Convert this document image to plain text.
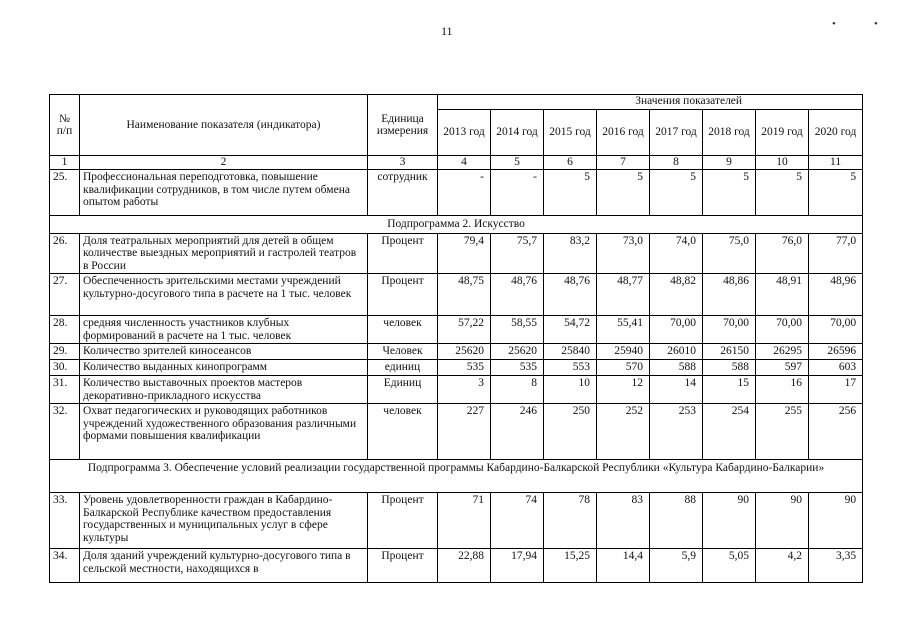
11	•	•
№ п/п	Наименование показателя (индикатора)	Единица измерения	Значения показателей							
			2013 год	2014 год	2015 год	2016 год	2017 год	2018 год	2019 год	2020 год
1	2	3	4	5	6	7	8	9	10	11
25.	Профессиональная переподготовка, повышение квалификации сотрудников, в том числе путем обмена опытом работы	сотрудник	-	-	5	5	5	5	5	5
Подпрограмма 2. Искусство										
26.	Доля театральных мероприятий для детей в общем количестве выездных мероприятий и гастролей театров в России	Процент	79,4	75,7	83,2	73,0	74,0	75,0	76,0	77,0
27.	Обеспеченность зрительскими местами учреждений культурно-досугового типа в расчете на 1 тыс. человек	Процент	48,75	48,76	48,76	48,77	48,82	48,86	48,91	48,96
28.	средняя численность участников клубных формирований в расчете на 1 тыс. человек	человек	57,22	58,55	54,72	55,41	70,00	70,00	70,00	70,00
29.	Количество зрителей киносеансов	Человек	25620	25620	25840	25940	26010	26150	26295	26596
30.	Количество выданных кинопрограмм	единиц	535	535	553	570	588	588	597	603
31.	Количество выставочных проектов мастеров декоративно-прикладного искусства	Единиц	3	8	10	12	14	15	16	17
32.	Охват педагогических и руководящих работников учреждений художественного образования различными формами повышения квалификации	человек	227	246	250	252	253	254	255	256
Подпрограмма 3. Обеспечение условий реализации государственной программы Кабардино-Балкарской Республики «Культура Кабардино-Балкарии»										
33.	Уровень удовлетворенности граждан в Кабардино-Балкарской Республике качеством предоставления государственных и муниципальных услуг в сфере культуры	Процент	71	74	78	83	88	90	90	90
34.	Доля зданий учреждений культурно-досугового типа в сельской местности, находящихся в	Процент	22,88	17,94	15,25	14,4	5,9	5,05	4,2	3,35
